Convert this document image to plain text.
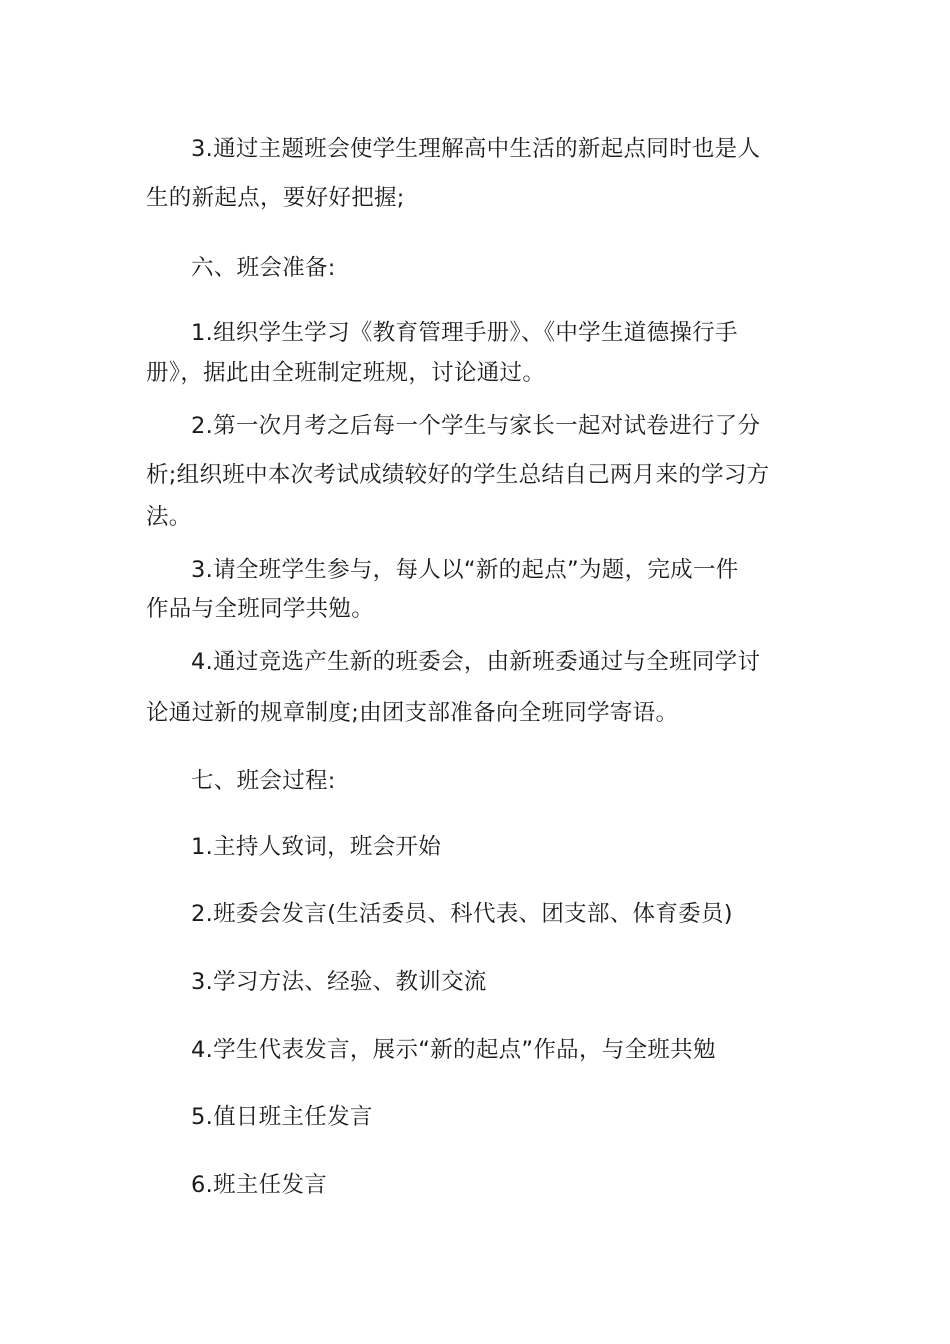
3.通过主题班会使学生理解高中生活的新起点同时也是人
生的新起点，要好好把握;
六、班会准备:
1.组织学生学习《教育管理手册》、《中学生道德操行手
册》，据此由全班制定班规，讨论通过。
2.第一次月考之后每一个学生与家长一起对试卷进行了分
析;组织班中本次考试成绩较好的学生总结自己两月来的学习方
法。
3.请全班学生参与，每人以“新的起点”为题，完成一件
作品与全班同学共勉。
4.通过竞选产生新的班委会，由新班委通过与全班同学讨
论通过新的规章制度;由团支部准备向全班同学寄语。
七、班会过程:
1.主持人致词，班会开始
2.班委会发言(生活委员、科代表、团支部、体育委员)
3.学习方法、经验、教训交流
4.学生代表发言，展示“新的起点”作品，与全班共勉
5.值日班主任发言
6.班主任发言
